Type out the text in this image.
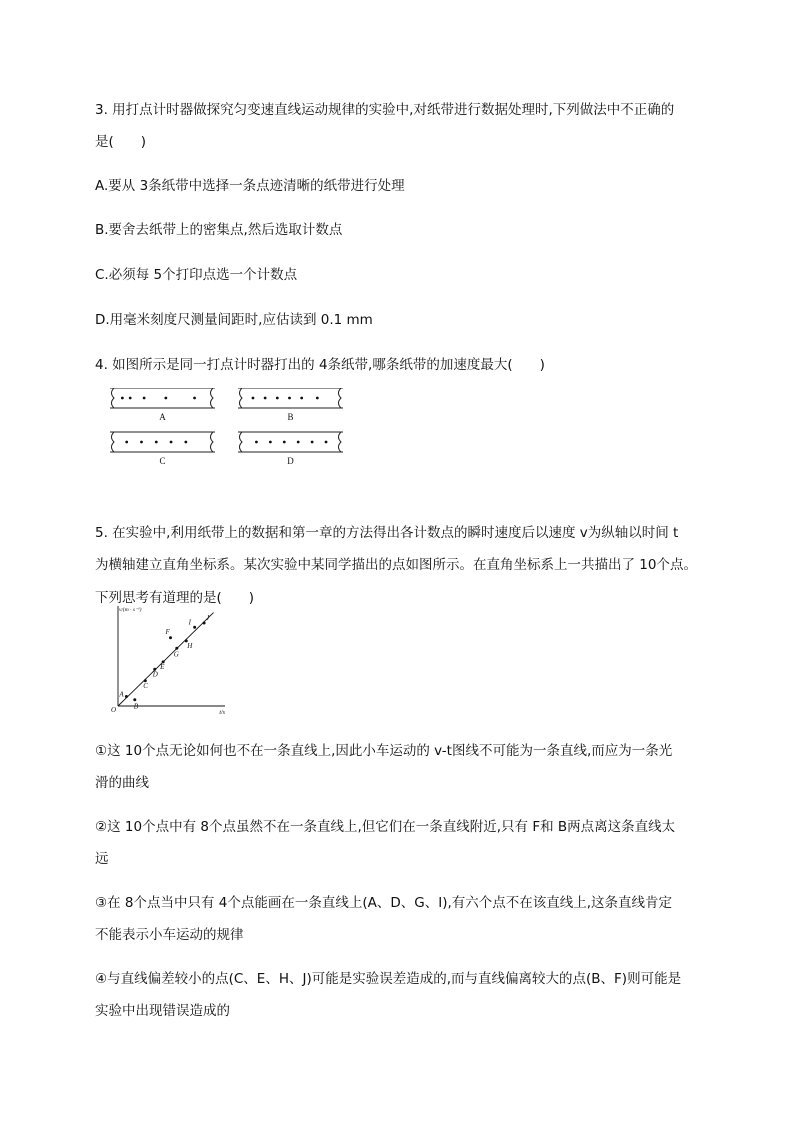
3. 用打点计时器做探究匀变速直线运动规律的实验中,对纸带进行数据处理时,下列做法中不正确的
是(　　)
A.要从 3条纸带中选择一条点迹清晰的纸带进行处理
B.要舍去纸带上的密集点,然后选取计数点
C.必须每 5个打印点选一个计数点
D.用毫米刻度尺测量间距时,应估读到 0.1 mm
4. 如图所示是同一打点计时器打出的 4条纸带,哪条纸带的加速度最大(　　)
A	B
C	D
5. 在实验中,利用纸带上的数据和第一章的方法得出各计数点的瞬时速度后以速度 v为纵轴以时间 t
为横轴建立直角坐标系。某次实验中某同学描出的点如图所示。在直角坐标系上一共描出了 10个点。
下列思考有道理的是(　　)
v/(m · s⁻¹)
t/s
O
A
B
C
D
E
F
G
H
I
J
①这 10个点无论如何也不在一条直线上,因此小车运动的 v-t图线不可能为一条直线,而应为一条光
滑的曲线
②这 10个点中有 8个点虽然不在一条直线上,但它们在一条直线附近,只有 F和 B两点离这条直线太
远
③在 8个点当中只有 4个点能画在一条直线上(A、D、G、I),有六个点不在该直线上,这条直线肯定
不能表示小车运动的规律
④与直线偏差较小的点(C、E、H、J)可能是实验误差造成的,而与直线偏离较大的点(B、F)则可能是
实验中出现错误造成的
